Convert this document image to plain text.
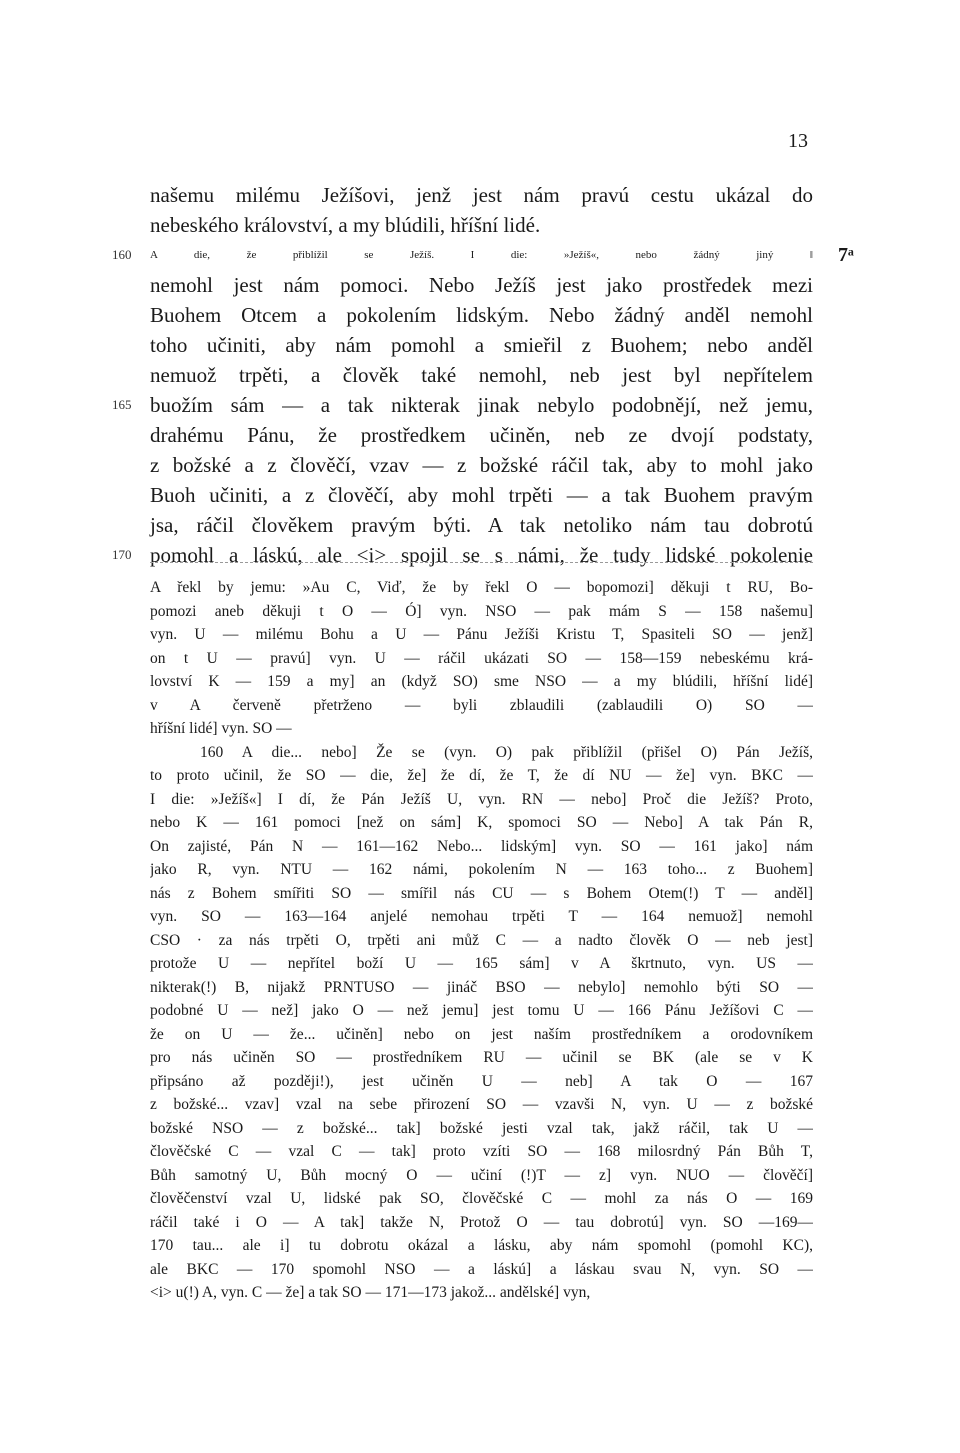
13
našemu milému Ježíšovi, jenž jest nám pravú cestu ukázal do
nebeského království, a my blúdili, hříšní lidé.
160 A die, že přiblížil se Ježíš. I die: »Ježíš«, nebo žádný jiný ‖ 7ᵃ
nemohl jest nám pomoci. Nebo Ježíš jest jako prostředek mezi
Buohem Otcem a pokolením lidským. Nebo žádný anděl nemohl
toho učiniti, aby nám pomohl a smieřil z Buohem; nebo anděl
nemuož trpěti, a člověk také nemohl, neb jest byl nepřítelem
165 buožím sám — a tak nikterak jinak nebylo podobnějí, než jemu,
drahému Pánu, že prostředkem učiněn, neb ze dvojí podstaty,
z božské a z člověčí, vzav — z božské ráčil tak, aby to mohl jako
Buoh učiniti, a z člověčí, aby mohl trpěti — a tak Buohem pravým
jsa, ráčil člověkem pravým býti. A tak netoliko nám tau dobrotú
170 pomohl a láskú, ale <i> spojil se s námi, že tudy lidské pokolenie
A řekl by jemu: »Au C, Viď, že by řekl O — bopomozi] děkuji t RU, Bo-
pomozi aneb děkuji t O — Ó] vyn. NSO — pak mám S — 158 našemu]
vyn. U — milému Bohu a U — Pánu Ježíši Kristu T, Spasiteli SO — jenž]
on t U — pravú] vyn. U — ráčil ukázati SO — 158—159 nebeskému krá-
lovství K — 159 a my] an (když SO) sme NSO — a my blúdili, hříšní lidé]
v A červeně přetrženo — byli zblaudili (zablaudili O) SO —
hříšní lidé] vyn. SO —
160 A die... nebo] Že se (vyn. O) pak přiblížil (přišel O) Pán Ježíš,
to proto učinil, že SO — die, že] že dí, že T, že dí NU — že] vyn. BKC —
I die: »Ježíš«] I dí, že Pán Ježíš U, vyn. RN — nebo] Proč die Ježíš? Proto,
nebo K — 161 pomoci [než on sám] K, spomoci SO — Nebo] A tak Pán R,
On zajisté, Pán N — 161—162 Nebo... lidským] vyn. SO — 161 jako] nám
jako R, vyn. NTU — 162 námi, pokolením N — 163 toho... z Buohem]
nás z Bohem smířiti SO — smířil nás CU — s Bohem Otem(!) T — anděl]
vyn. SO — 163—164 anjelé nemohau trpěti T — 164 nemuož] nemohl
CSO · za nás trpěti O, trpěti ani můž C — a nadto člověk O — neb jest]
protože U — nepřítel boží U — 165 sám] v A škrtnuto, vyn. US —
nikterak(!) B, nijakž PRNTUSO — jináč BSO — nebylo] nemohlo býti SO —
podobné U — než] jako O — než jemu] jest tomu U — 166 Pánu Ježíšovi C —
že on U — že... učiněn] nebo on jest naším prostředníkem a orodovníkem
pro nás učiněn SO — prostředníkem RU — učinil se BK (ale se v K
připsáno až později!), jest učiněn U — neb] A tak O — 167
z božské... vzav] vzal na sebe přirození SO — vzavši N, vyn. U — z božské
božské NSO — z božské... tak] božské jesti vzal tak, jakž ráčil, tak U —
člověčské C — vzal C — tak] proto vzíti SO — 168 milosrdný Pán Bůh T,
Bůh samotný U, Bůh mocný O — učiní (!)T — z] vyn. NUO — člověčí]
člověčenství vzal U, lidské pak SO, člověčské C — mohl za nás O — 169
ráčil také i O — A tak] takže N, Protož O — tau dobrotú] vyn. SO —169—
170 tau... ale i] tu dobrotu okázal a lásku, aby nám spomohl (pomohl KC),
ale BKC — 170 spomohl NSO — a láskú] a láskau svau N, vyn. SO —
<i> u(!) A, vyn. C — že] a tak SO — 171—173 jakož... andělské] vyn,
